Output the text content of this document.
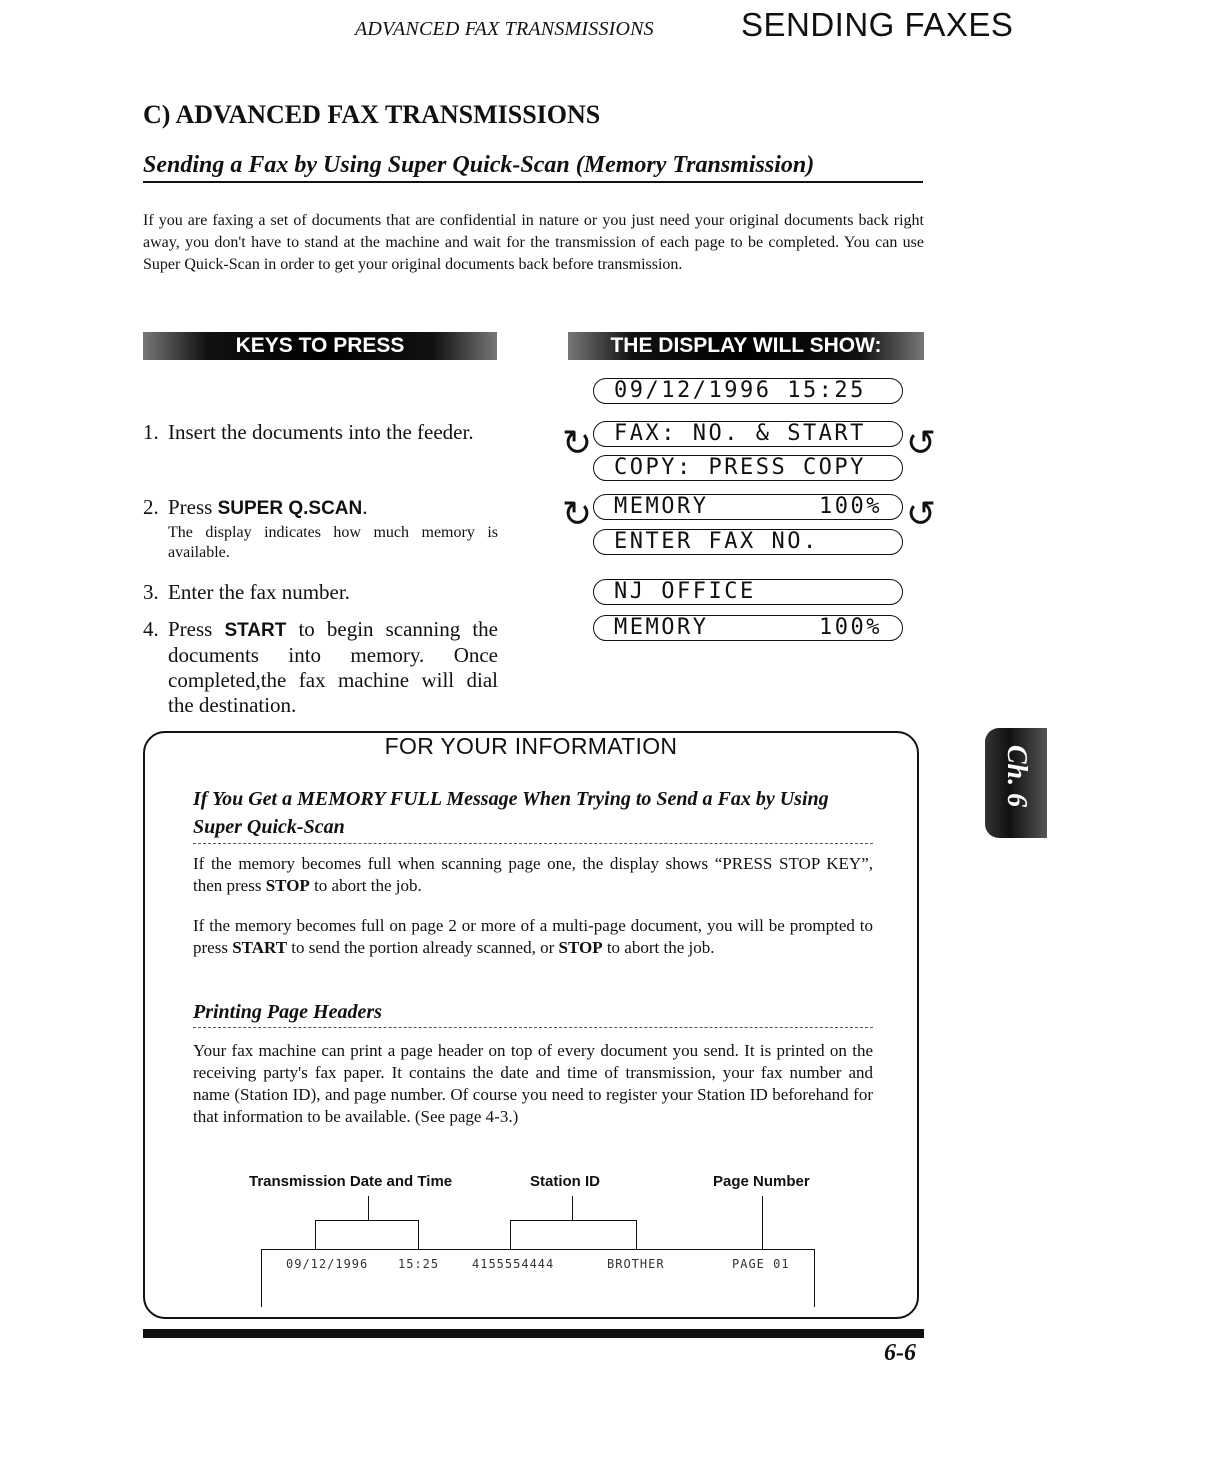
ADVANCED FAX TRANSMISSIONS	SENDING FAXES
C) ADVANCED FAX TRANSMISSIONS
Sending a Fax by Using Super Quick-Scan (Memory Transmission)
If you are faxing a set of documents that are confidential in nature or you just need your original documents back right away, you don't have to stand at the machine and wait for the transmission of each page to be completed. You can use Super Quick-Scan in order to get your original documents back before transmission.
KEYS TO PRESS	THE DISPLAY WILL SHOW:
1. Insert the documents into the feeder.
2. Press SUPER Q.SCAN.
The display indicates how much memory is available.
3. Enter the fax number.
4. Press START to begin scanning the documents into memory. Once completed,the fax machine will dial the destination.
09/12/1996 15:25
↻ FAX: NO. & START
COPY: PRESS COPY
↺
↻ MEMORY	100%
ENTER FAX NO.
↺
NJ OFFICE
MEMORY	100%
FOR YOUR INFORMATION
If You Get a MEMORY FULL Message When Trying to Send a Fax by Using Super Quick-Scan
If the memory becomes full when scanning page one, the display shows “PRESS STOP KEY”, then press STOP to abort the job.
If the memory becomes full on page 2 or more of a multi-page document, you will be prompted to press START to send the portion already scanned, or STOP to abort the job.
Printing Page Headers
Your fax machine can print a page header on top of every document you send. It is printed on the receiving party's fax paper. It contains the date and time of transmission, your fax number and name (Station ID), and page number. Of course you need to register your Station ID beforehand for that information to be available. (See page 4-3.)
Transmission Date and Time	Station ID	Page Number
09/12/1996 15:25	4155554444	BROTHER	PAGE 01
6-6
Ch. 6
